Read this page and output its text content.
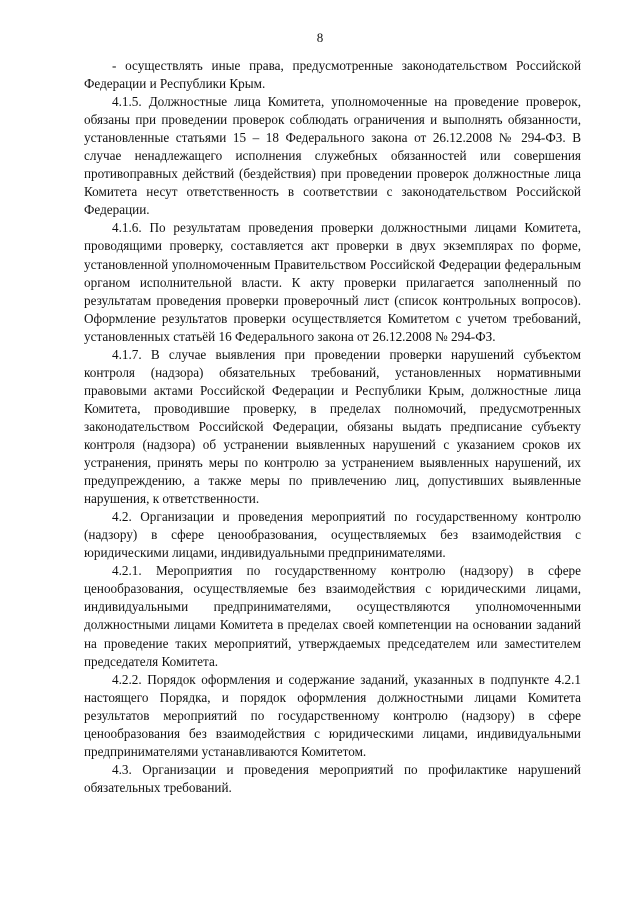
8

- осуществлять иные права, предусмотренные законодательством Российской Федерации и Республики Крым.

4.1.5. Должностные лица Комитета, уполномоченные на проведение проверок, обязаны при проведении проверок соблюдать ограничения и выполнять обязанности, установленные статьями 15 – 18 Федерального закона от 26.12.2008 № 294-ФЗ. В случае ненадлежащего исполнения служебных обязанностей или совершения противоправных действий (бездействия) при проведении проверок должностные лица Комитета несут ответственность в соответствии с законодательством Российской Федерации.

4.1.6. По результатам проведения проверки должностными лицами Комитета, проводящими проверку, составляется акт проверки в двух экземплярах по форме, установленной уполномоченным Правительством Российской Федерации федеральным органом исполнительной власти. К акту проверки прилагается заполненный по результатам проведения проверки проверочный лист (список контрольных вопросов). Оформление результатов проверки осуществляется Комитетом с учетом требований, установленных статьёй 16 Федерального закона от 26.12.2008 № 294-ФЗ.

4.1.7. В случае выявления при проведении проверки нарушений субъектом контроля (надзора) обязательных требований, установленных нормативными правовыми актами Российской Федерации и Республики Крым, должностные лица Комитета, проводившие проверку, в пределах полномочий, предусмотренных законодательством Российской Федерации, обязаны выдать предписание субъекту контроля (надзора) об устранении выявленных нарушений с указанием сроков их устранения, принять меры по контролю за устранением выявленных нарушений, их предупреждению, а также меры по привлечению лиц, допустивших выявленные нарушения, к ответственности.

4.2. Организации и проведения мероприятий по государственному контролю (надзору) в сфере ценообразования, осуществляемых без взаимодействия с юридическими лицами, индивидуальными предпринимателями.

4.2.1. Мероприятия по государственному контролю (надзору) в сфере ценообразования, осуществляемые без взаимодействия с юридическими лицами, индивидуальными предпринимателями, осуществляются уполномоченными должностными лицами Комитета в пределах своей компетенции на основании заданий на проведение таких мероприятий, утверждаемых председателем или заместителем председателя Комитета.

4.2.2. Порядок оформления и содержание заданий, указанных в подпункте 4.2.1 настоящего Порядка, и порядок оформления должностными лицами Комитета результатов мероприятий по государственному контролю (надзору) в сфере ценообразования без взаимодействия с юридическими лицами, индивидуальными предпринимателями устанавливаются Комитетом.

4.3. Организации и проведения мероприятий по профилактике нарушений обязательных требований.
